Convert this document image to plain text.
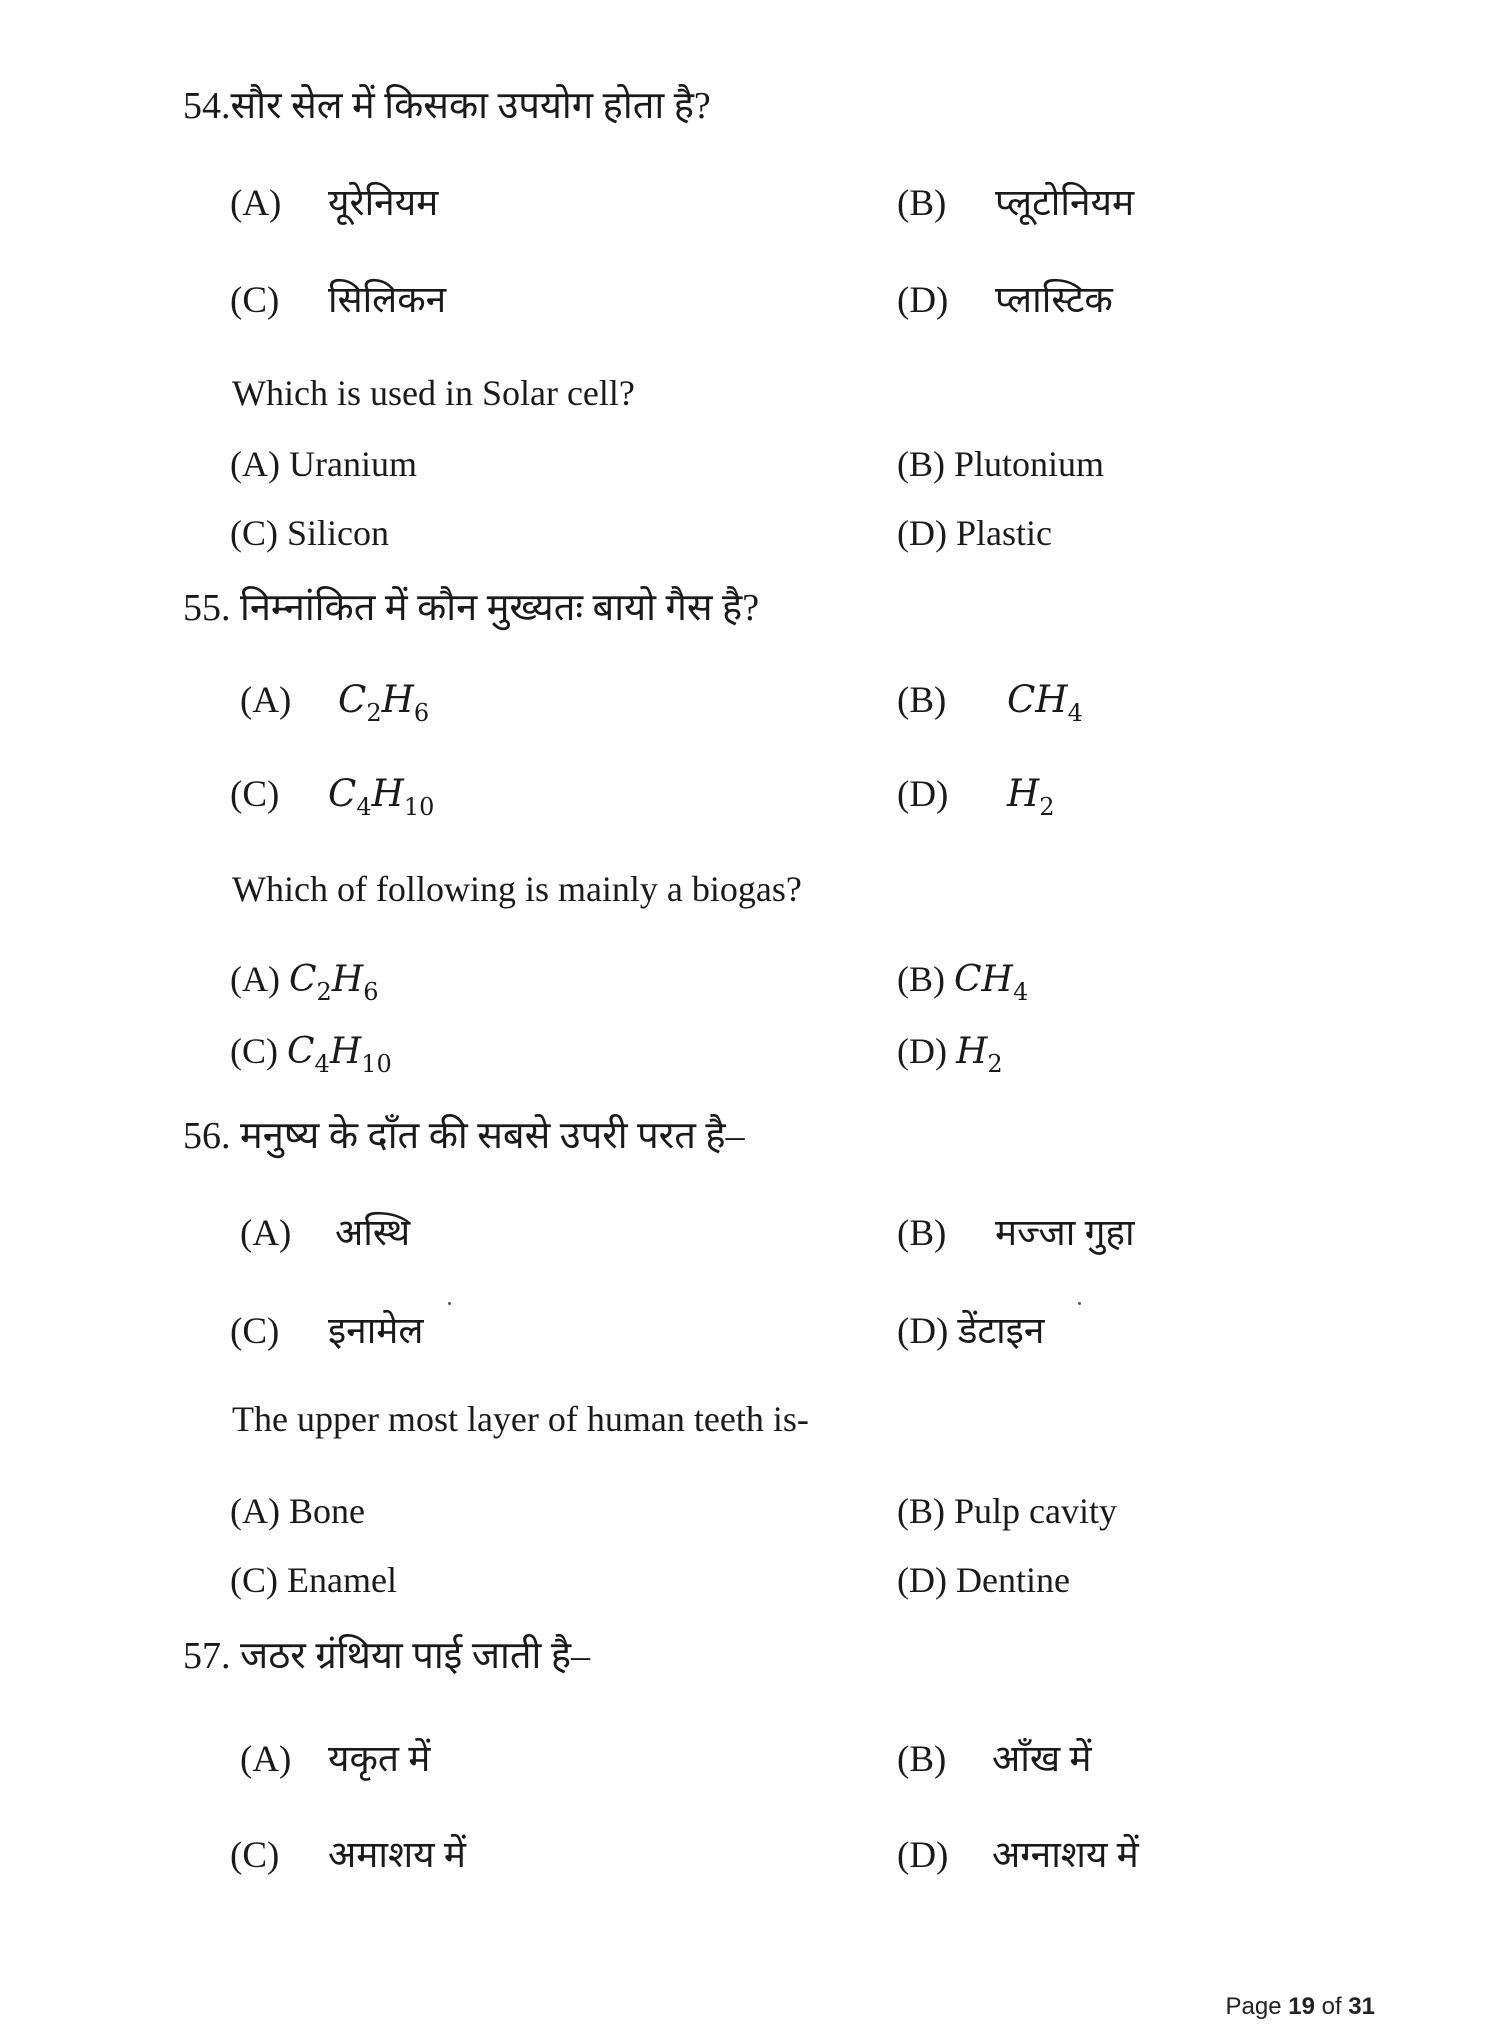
54.सौर सेल में किसका उपयोग होता है?
(A) यूरेनियम	(B) प्लूटोनियम
(C) सिलिकन	(D) प्लास्टिक
Which is used in Solar cell?
(A) Uranium	(B) Plutonium
(C) Silicon	(D) Plastic
55. निम्नांकित में कौन मुख्यतः बायो गैस है?
(A) $C_2H_6$	(B) $CH_4$
(C) $C_4H_{10}$	(D) $H_2$
Which of following is mainly a biogas?
(A) $C_2H_6$	(B) $CH_4$
(C) $C_4H_{10}$	(D) $H_2$
56. मनुष्य के दाँत की सबसे उपरी परत है–
(A) अस्थि	(B) मज्जा गुहा
(C) इनामेल	(D) डेंटाइन
The upper most layer of human teeth is-
(A) Bone	(B) Pulp cavity
(C) Enamel	(D) Dentine
57. जठर ग्रंथिया पाई जाती है–
(A) यकृत में	(B) आँख में
(C) अमाशय में	(D) अग्नाशय में
Page 19 of 31
